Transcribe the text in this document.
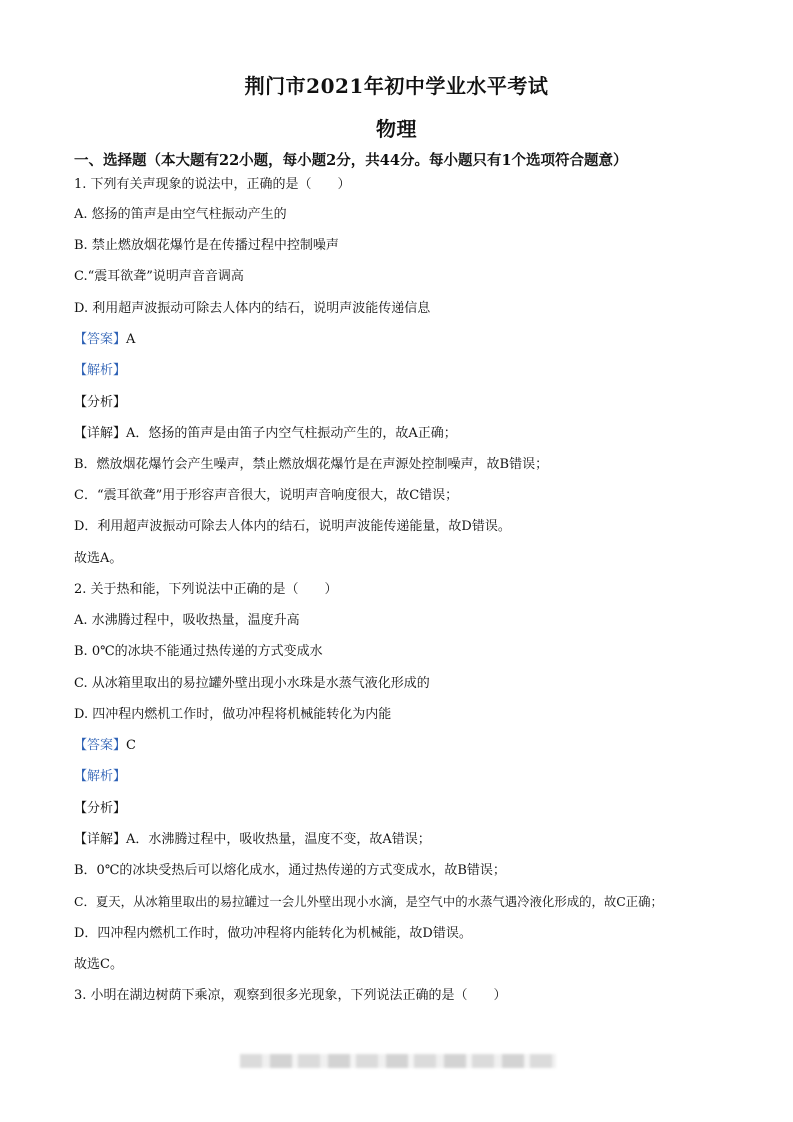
荆门市2021年初中学业水平考试
物理
一、选择题（本大题有22小题，每小题2分，共44分。每小题只有1个选项符合题意）
1. 下列有关声现象的说法中，正确的是（　　）
A. 悠扬的笛声是由空气柱振动产生的
B. 禁止燃放烟花爆竹是在传播过程中控制噪声
C.“震耳欲聋”说明声音音调高
D. 利用超声波振动可除去人体内的结石，说明声波能传递信息
【答案】A
【解析】
【分析】
【详解】A．悠扬的笛声是由笛子内空气柱振动产生的，故A正确；
B．燃放烟花爆竹会产生噪声，禁止燃放烟花爆竹是在声源处控制噪声，故B错误；
C．“震耳欲聋”用于形容声音很大，说明声音响度很大，故C错误；
D．利用超声波振动可除去人体内的结石，说明声波能传递能量，故D错误。
故选A。
2. 关于热和能，下列说法中正确的是（　　）
A. 水沸腾过程中，吸收热量，温度升高
B. 0℃的冰块不能通过热传递的方式变成水
C. 从冰箱里取出的易拉罐外壁出现小水珠是水蒸气液化形成的
D. 四冲程内燃机工作时，做功冲程将机械能转化为内能
【答案】C
【解析】
【分析】
【详解】A．水沸腾过程中，吸收热量，温度不变，故A错误；
B．0℃的冰块受热后可以熔化成水，通过热传递的方式变成水，故B错误；
C．夏天，从冰箱里取出的易拉罐过一会儿外壁出现小水滴，是空气中的水蒸气遇冷液化形成的，故C正确；
D．四冲程内燃机工作时，做功冲程将内能转化为机械能，故D错误。
故选C。
3. 小明在湖边树荫下乘凉，观察到很多光现象，下列说法正确的是（　　）
